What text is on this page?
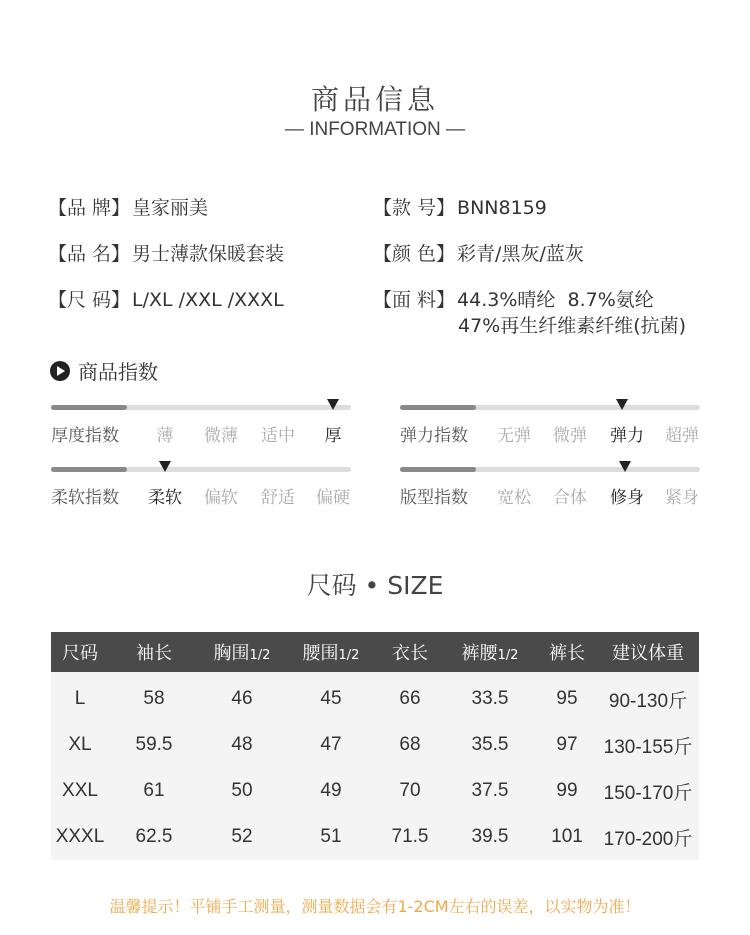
商品信息
— INFORMATION —
【品 牌】 皇家丽美	【款 号】 BNN8159
【品 名】 男士薄款保暖套装	【颜 色】 彩青/黑灰/蓝灰
【尺 码】 L/XL /XXL /XXXL	【面 料】 44.3%晴纶  8.7%氨纶
47%再生纤维素纤维(抗菌)
商品指数
厚度指数 薄 微薄 适中 厚	弹力指数 无弹 微弹 弹力 超弹
柔软指数 柔软 偏软 舒适 偏硬	版型指数 宽松 合体 修身 紧身
尺码 • SIZE
尺码	袖长	胸围1/2	腰围1/2	衣长	裤腰1/2	裤长	建议体重
L	58	46	45	66	33.5	95	90-130斤
XL	59.5	48	47	68	35.5	97	130-155斤
XXL	61	50	49	70	37.5	99	150-170斤
XXXL	62.5	52	51	71.5	39.5	101	170-200斤
温馨提示！平铺手工测量，测量数据会有1-2CM左右的误差，以实物为准！
